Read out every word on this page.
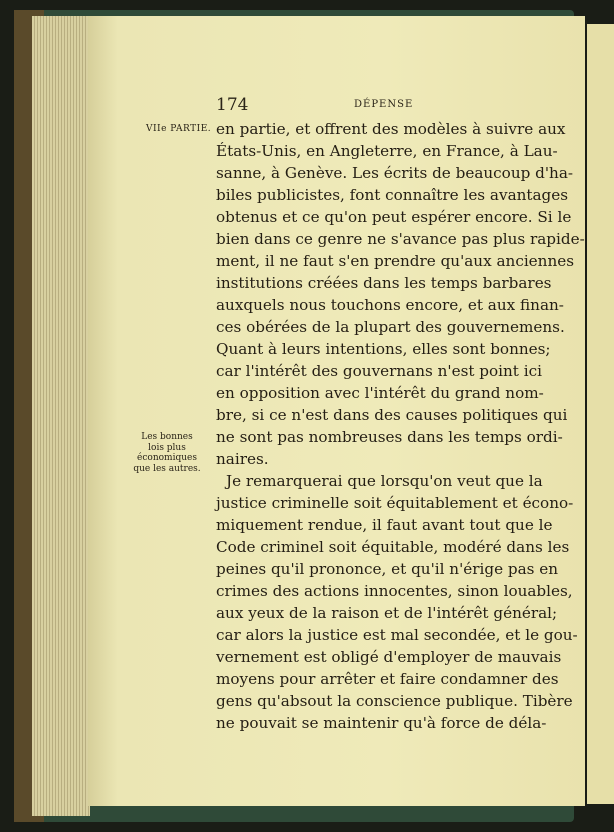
174	DÉPENSE
VIIe PARTIE.
Les bonnes
lois plus
économiques
que les autres.
en partie, et offrent des modèles à suivre aux
États-Unis, en Angleterre, en France, à Lau-
sanne, à Genève. Les écrits de beaucoup d'ha-
biles publicistes, font connaître les avantages
obtenus et ce qu'on peut espérer encore. Si le
bien dans ce genre ne s'avance pas plus rapide-
ment, il ne faut s'en prendre qu'aux anciennes
institutions créées dans les temps barbares
auxquels nous touchons encore, et aux finan-
ces obérées de la plupart des gouvernemens.
Quant à leurs intentions, elles sont bonnes;
car l'intérêt des gouvernans n'est point ici
en opposition avec l'intérêt du grand nom-
bre, si ce n'est dans des causes politiques qui
ne sont pas nombreuses dans les temps ordi-
naires.
Je remarquerai que lorsqu'on veut que la
justice criminelle soit équitablement et écono-
miquement rendue, il faut avant tout que le
Code criminel soit équitable, modéré dans les
peines qu'il prononce, et qu'il n'érige pas en
crimes des actions innocentes, sinon louables,
aux yeux de la raison et de l'intérêt général;
car alors la justice est mal secondée, et le gou-
vernement est obligé d'employer de mauvais
moyens pour arrêter et faire condamner des
gens qu'absout la conscience publique. Tibère
ne pouvait se maintenir qu'à force de déla-
